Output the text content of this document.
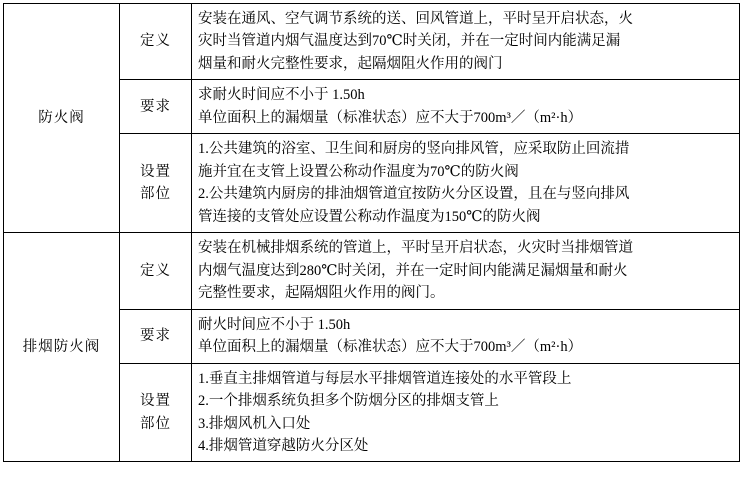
防火阀	定义	安装在通风、空气调节系统的送、回风管道上，平时呈开启状态，火
灾时当管道内烟气温度达到70℃时关闭，并在一定时间内能满足漏
烟量和耐火完整性要求，起隔烟阻火作用的阀门

	要求	求耐火时间应不小于 1.50h
单位面积上的漏烟量（标准状态）应不大于700m³／（m²·h）

	设置
部位	1.公共建筑的浴室、卫生间和厨房的竖向排风管，应采取防止回流措
施并宜在支管上设置公称动作温度为70℃的防火阀
2.公共建筑内厨房的排油烟管道宜按防火分区设置，且在与竖向排风
管连接的支管处应设置公称动作温度为150℃的防火阀

排烟防火阀	定义	安装在机械排烟系统的管道上，平时呈开启状态，火灾时当排烟管道
内烟气温度达到280℃时关闭，并在一定时间内能满足漏烟量和耐火
完整性要求，起隔烟阻火作用的阀门。

	要求	耐火时间应不小于 1.50h
单位面积上的漏烟量（标准状态）应不大于700m³／（m²·h）

	设置
部位	1.垂直主排烟管道与每层水平排烟管道连接处的水平管段上
2.一个排烟系统负担多个防烟分区的排烟支管上
3.排烟风机入口处
4.排烟管道穿越防火分区处
